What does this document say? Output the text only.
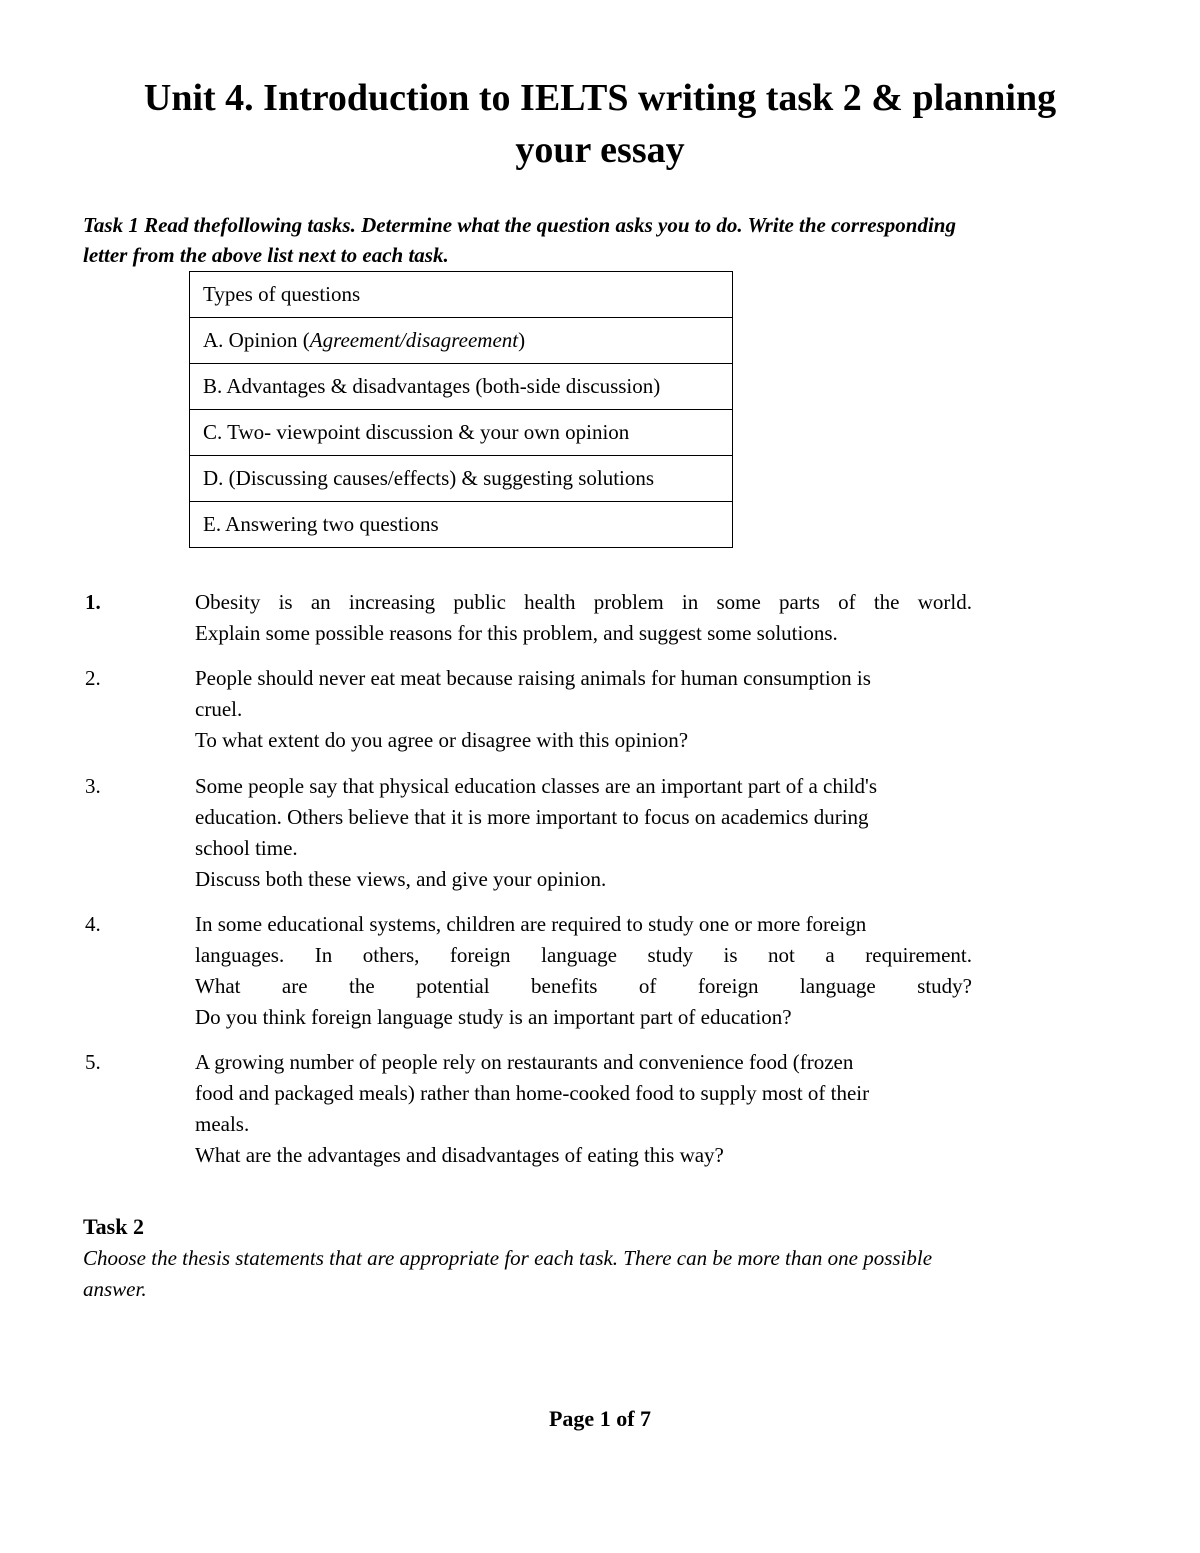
Unit 4. Introduction to IELTS writing task 2 & planning
your essay
Task 1 Read thefollowing tasks. Determine what the question asks you to do. Write the corresponding
letter from the above list next to each task.
Types of questions
A. Opinion (Agreement/disagreement)
B. Advantages & disadvantages (both-side discussion)
C. Two- viewpoint discussion & your own opinion
D. (Discussing causes/effects) & suggesting solutions
E. Answering two questions
1.	Obesity is an increasing public health problem in some parts of the world.
Explain some possible reasons for this problem, and suggest some solutions.
2.	People should never eat meat because raising animals for human consumption is
cruel.
To what extent do you agree or disagree with this opinion?
3.	Some people say that physical education classes are an important part of a child's
education. Others believe that it is more important to focus on academics during
school time.
Discuss both these views, and give your opinion.
4.	In some educational systems, children are required to study one or more foreign
languages. In others, foreign language study is not a requirement.
What are the potential benefits of foreign language study?
Do you think foreign language study is an important part of education?
5.	A growing number of people rely on restaurants and convenience food (frozen
food and packaged meals) rather than home-cooked food to supply most of their
meals.
What are the advantages and disadvantages of eating this way?
Task 2
Choose the thesis statements that are appropriate for each task. There can be more than one possible
answer.
Page 1 of 7
